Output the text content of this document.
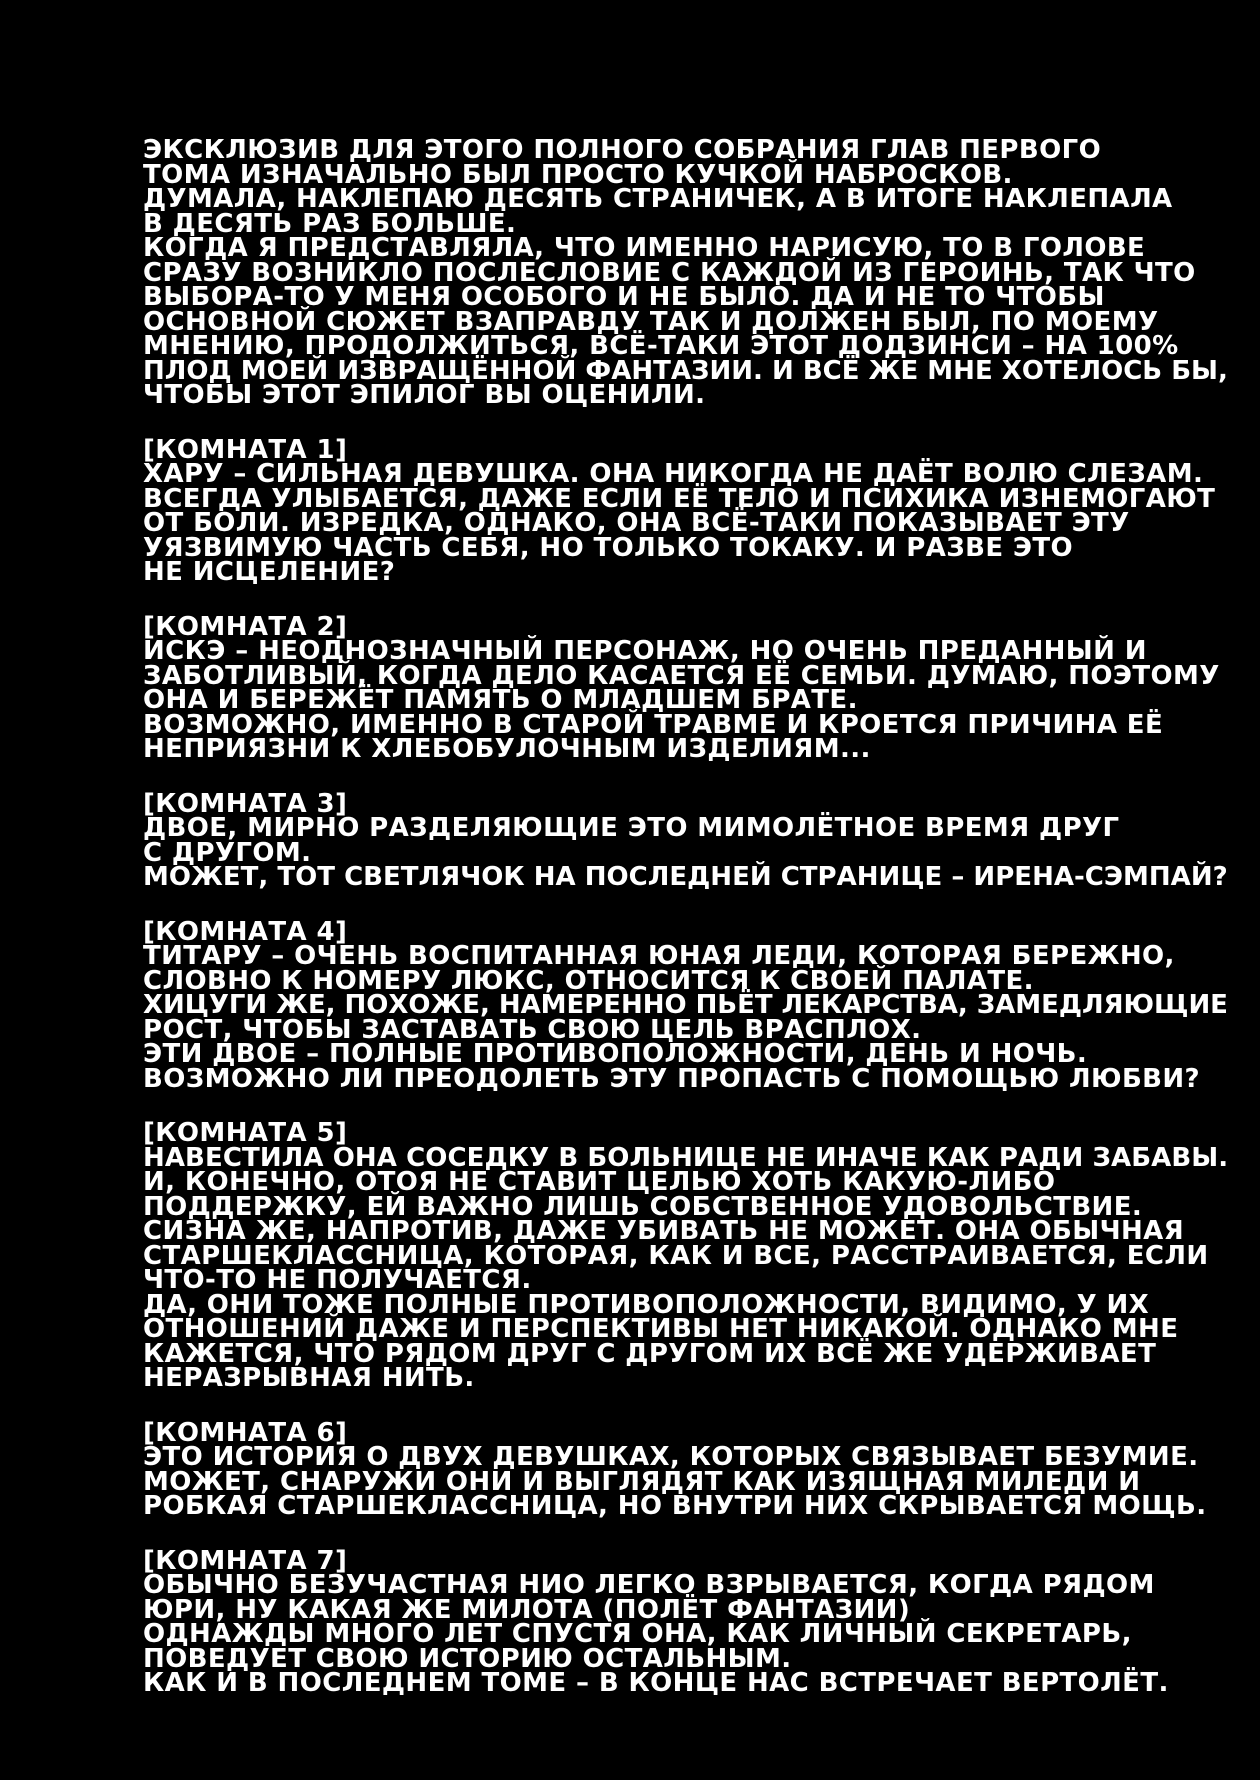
ЭКСКЛЮЗИВ ДЛЯ ЭТОГО ПОЛНОГО СОБРАНИЯ ГЛАВ ПЕРВОГО
ТОМА ИЗНАЧАЛЬНО БЫЛ ПРОСТО КУЧКОЙ НАБРОСКОВ.
ДУМАЛА, НАКЛЕПАЮ ДЕСЯТЬ СТРАНИЧЕК, А В ИТОГЕ НАКЛЕПАЛА
В ДЕСЯТЬ РАЗ БОЛЬШЕ.
КОГДА Я ПРЕДСТАВЛЯЛА, ЧТО ИМЕННО НАРИСУЮ, ТО В ГОЛОВЕ
СРАЗУ ВОЗНИКЛО ПОСЛЕСЛОВИЕ С КАЖДОЙ ИЗ ГЕРОИНЬ, ТАК ЧТО
ВЫБОРА-ТО У МЕНЯ ОСОБОГО И НЕ БЫЛО. ДА И НЕ ТО ЧТОБЫ
ОСНОВНОЙ СЮЖЕТ ВЗАПРАВДУ ТАК И ДОЛЖЕН БЫЛ, ПО МОЕМУ
МНЕНИЮ, ПРОДОЛЖИТЬСЯ, ВСЁ-ТАКИ ЭТОТ ДОДЗИНСИ – НА 100%
ПЛОД МОЕЙ ИЗВРАЩЁННОЙ ФАНТАЗИИ. И ВСЁ ЖЕ МНЕ ХОТЕЛОСЬ БЫ,
ЧТОБЫ ЭТОТ ЭПИЛОГ ВЫ ОЦЕНИЛИ.
[КОМНАТА 1]
ХАРУ – СИЛЬНАЯ ДЕВУШКА. ОНА НИКОГДА НЕ ДАЁТ ВОЛЮ СЛЕЗАМ.
ВСЕГДА УЛЫБАЕТСЯ, ДАЖЕ ЕСЛИ ЕЁ ТЕЛО И ПСИХИКА ИЗНЕМОГАЮТ
ОТ БОЛИ. ИЗРЕДКА, ОДНАКО, ОНА ВСЁ-ТАКИ ПОКАЗЫВАЕТ ЭТУ
УЯЗВИМУЮ ЧАСТЬ СЕБЯ, НО ТОЛЬКО ТОКАКУ. И РАЗВЕ ЭТО
НЕ ИСЦЕЛЕНИЕ?
[КОМНАТА 2]
ИСКЭ – НЕОДНОЗНАЧНЫЙ ПЕРСОНАЖ, НО ОЧЕНЬ ПРЕДАННЫЙ И
ЗАБОТЛИВЫЙ, КОГДА ДЕЛО КАСАЕТСЯ ЕЁ СЕМЬИ. ДУМАЮ, ПОЭТОМУ
ОНА И БЕРЕЖЁТ ПАМЯТЬ О МЛАДШЕМ БРАТЕ.
ВОЗМОЖНО, ИМЕННО В СТАРОЙ ТРАВМЕ И КРОЕТСЯ ПРИЧИНА ЕЁ
НЕПРИЯЗНИ К ХЛЕБОБУЛОЧНЫМ ИЗДЕЛИЯМ...
[КОМНАТА 3]
ДВОЕ, МИРНО РАЗДЕЛЯЮЩИЕ ЭТО МИМОЛЁТНОЕ ВРЕМЯ ДРУГ
С ДРУГОМ.
МОЖЕТ, ТОТ СВЕТЛЯЧОК НА ПОСЛЕДНЕЙ СТРАНИЦЕ – ИРЕНА-СЭМПАЙ?
[КОМНАТА 4]
ТИТАРУ – ОЧЕНЬ ВОСПИТАННАЯ ЮНАЯ ЛЕДИ, КОТОРАЯ БЕРЕЖНО,
СЛОВНО К НОМЕРУ ЛЮКС, ОТНОСИТСЯ К СВОЕЙ ПАЛАТЕ.
ХИЦУГИ ЖЕ, ПОХОЖЕ, НАМЕРЕННО ПЬЁТ ЛЕКАРСТВА, ЗАМЕДЛЯЮЩИЕ
РОСТ, ЧТОБЫ ЗАСТАВАТЬ СВОЮ ЦЕЛЬ ВРАСПЛОХ.
ЭТИ ДВОЕ – ПОЛНЫЕ ПРОТИВОПОЛОЖНОСТИ, ДЕНЬ И НОЧЬ.
ВОЗМОЖНО ЛИ ПРЕОДОЛЕТЬ ЭТУ ПРОПАСТЬ С ПОМОЩЬЮ ЛЮБВИ?
[КОМНАТА 5]
НАВЕСТИЛА ОНА СОСЕДКУ В БОЛЬНИЦЕ НЕ ИНАЧЕ КАК РАДИ ЗАБАВЫ.
И, КОНЕЧНО, ОТОЯ НЕ СТАВИТ ЦЕЛЬЮ ХОТЬ КАКУЮ-ЛИБО
ПОДДЕРЖКУ, ЕЙ ВАЖНО ЛИШЬ СОБСТВЕННОЕ УДОВОЛЬСТВИЕ.
СИЗНА ЖЕ, НАПРОТИВ, ДАЖЕ УБИВАТЬ НЕ МОЖЕТ. ОНА ОБЫЧНАЯ
СТАРШЕКЛАССНИЦА, КОТОРАЯ, КАК И ВСЕ, РАССТРАИВАЕТСЯ, ЕСЛИ
ЧТО-ТО НЕ ПОЛУЧАЕТСЯ.
ДА, ОНИ ТОЖЕ ПОЛНЫЕ ПРОТИВОПОЛОЖНОСТИ, ВИДИМО, У ИХ
ОТНОШЕНИЙ ДАЖЕ И ПЕРСПЕКТИВЫ НЕТ НИКАКОЙ. ОДНАКО МНЕ
КАЖЕТСЯ, ЧТО РЯДОМ ДРУГ С ДРУГОМ ИХ ВСЁ ЖЕ УДЕРЖИВАЕТ
НЕРАЗРЫВНАЯ НИТЬ.
[КОМНАТА 6]
ЭТО ИСТОРИЯ О ДВУХ ДЕВУШКАХ, КОТОРЫХ СВЯЗЫВАЕТ БЕЗУМИЕ.
МОЖЕТ, СНАРУЖИ ОНИ И ВЫГЛЯДЯТ КАК ИЗЯЩНАЯ МИЛЕДИ И
РОБКАЯ СТАРШЕКЛАССНИЦА, НО ВНУТРИ НИХ СКРЫВАЕТСЯ МОЩЬ.
[КОМНАТА 7]
ОБЫЧНО БЕЗУЧАСТНАЯ НИО ЛЕГКО ВЗРЫВАЕТСЯ, КОГДА РЯДОМ
ЮРИ, НУ КАКАЯ ЖЕ МИЛОТА (ПОЛЁТ ФАНТАЗИИ)
ОДНАЖДЫ МНОГО ЛЕТ СПУСТЯ ОНА, КАК ЛИЧНЫЙ СЕКРЕТАРЬ,
ПОВЕДУЕТ СВОЮ ИСТОРИЮ ОСТАЛЬНЫМ.
КАК И В ПОСЛЕДНЕМ ТОМЕ – В КОНЦЕ НАС ВСТРЕЧАЕТ ВЕРТОЛЁТ.
